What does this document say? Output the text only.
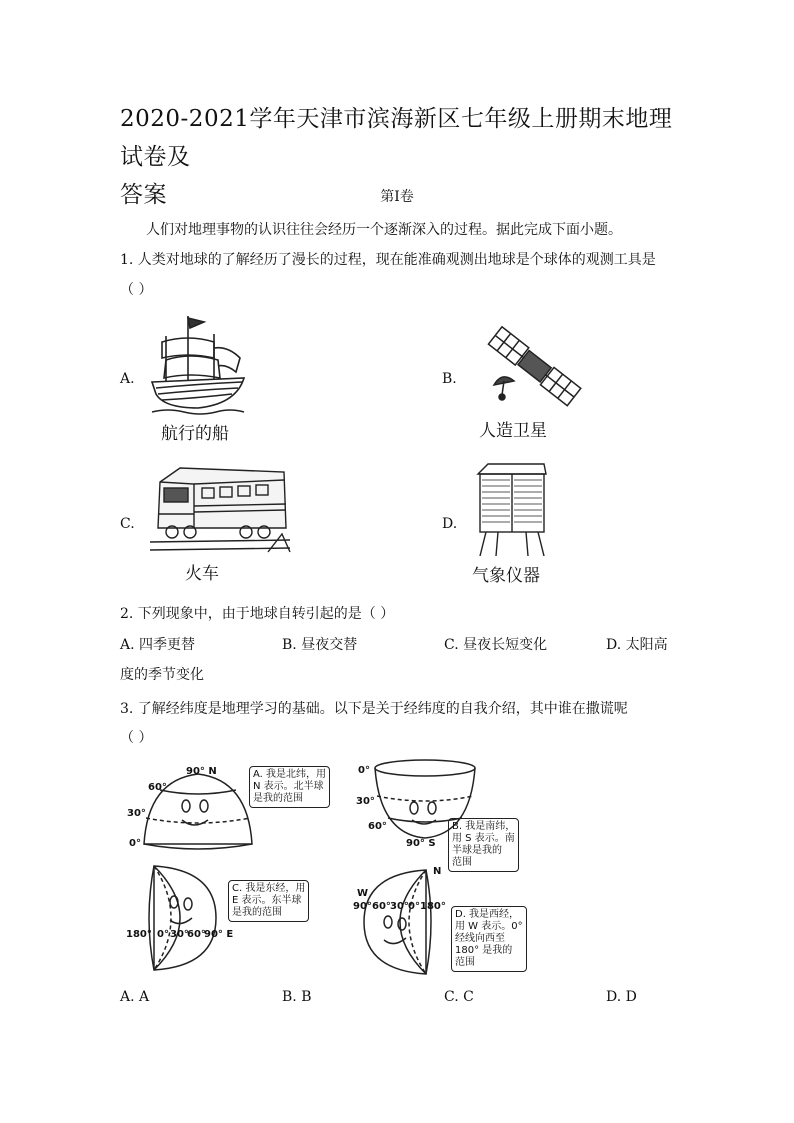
2020-2021学年天津市滨海新区七年级上册期末地理试卷及
答案	第Ⅰ卷
人们对地理事物的认识往往会经历一个逐渐深入的过程。据此完成下面小题。
1. 人类对地球的了解经历了漫长的过程，现在能准确观测出地球是个球体的观测工具是
（ ）
A.
航行的船
B.
人造卫星
C.
火车
D.
气象仪器
2. 下列现象中，由于地球自转引起的是（ ）
A. 四季更替	B. 昼夜交替	C. 昼夜长短变化	D. 太阳高
度的季节变化
3. 了解经纬度是地理学习的基础。以下是关于经纬度的自我介绍，其中谁在撒谎呢
（ ）
90° N
60°
30°
0°
A. 我是北纬，用
N 表示。北半球
是我的范围
0°
30°
60°
90° S
B. 我是南纬，
用 S 表示。南
半球是我的
范围
180° 0° 30°
60°
90° E
C. 我是东经，用
E 表示。东半球
是我的范围
W
N
90° 60° 30° 0° 180°
D. 我是西经，
用 W 表示。0°
经线向西至
180° 是我的
范围
A. A	B. B	C. C	D. D
